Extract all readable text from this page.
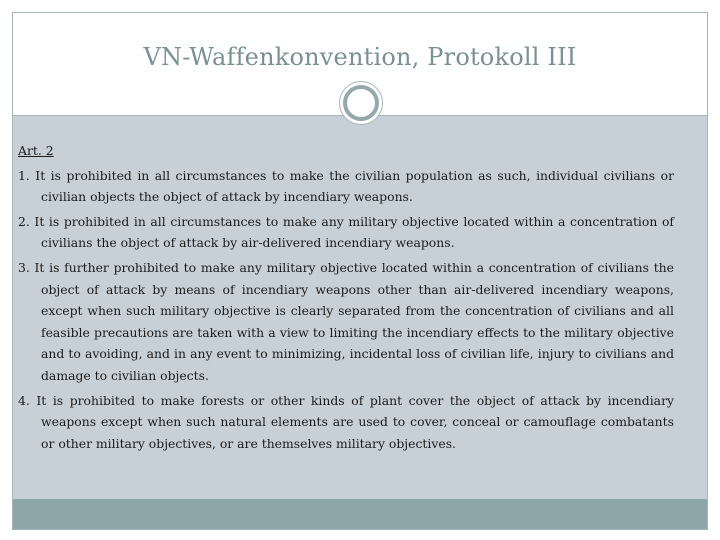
VN-Waffenkonvention, Protokoll III
Art. 2
1. It is prohibited in all circumstances to make the civilian population as such, individual civilians or civilian objects the object of attack by incendiary weapons.
2. It is prohibited in all circumstances to make any military objective located within a concentration of civilians the object of attack by air-delivered incendiary weapons.
3. It is further prohibited to make any military objective located within a concentration of civilians the object of attack by means of incendiary weapons other than air-delivered incendiary weapons, except when such military objective is clearly separated from the concentration of civilians and all feasible precautions are taken with a view to limiting the incendiary effects to the military objective and to avoiding, and in any event to minimizing, incidental loss of civilian life, injury to civilians and damage to civilian objects.
4. It is prohibited to make forests or other kinds of plant cover the object of attack by incendiary weapons except when such natural elements are used to cover, conceal or camouflage combatants or other military objectives, or are themselves military objectives.
